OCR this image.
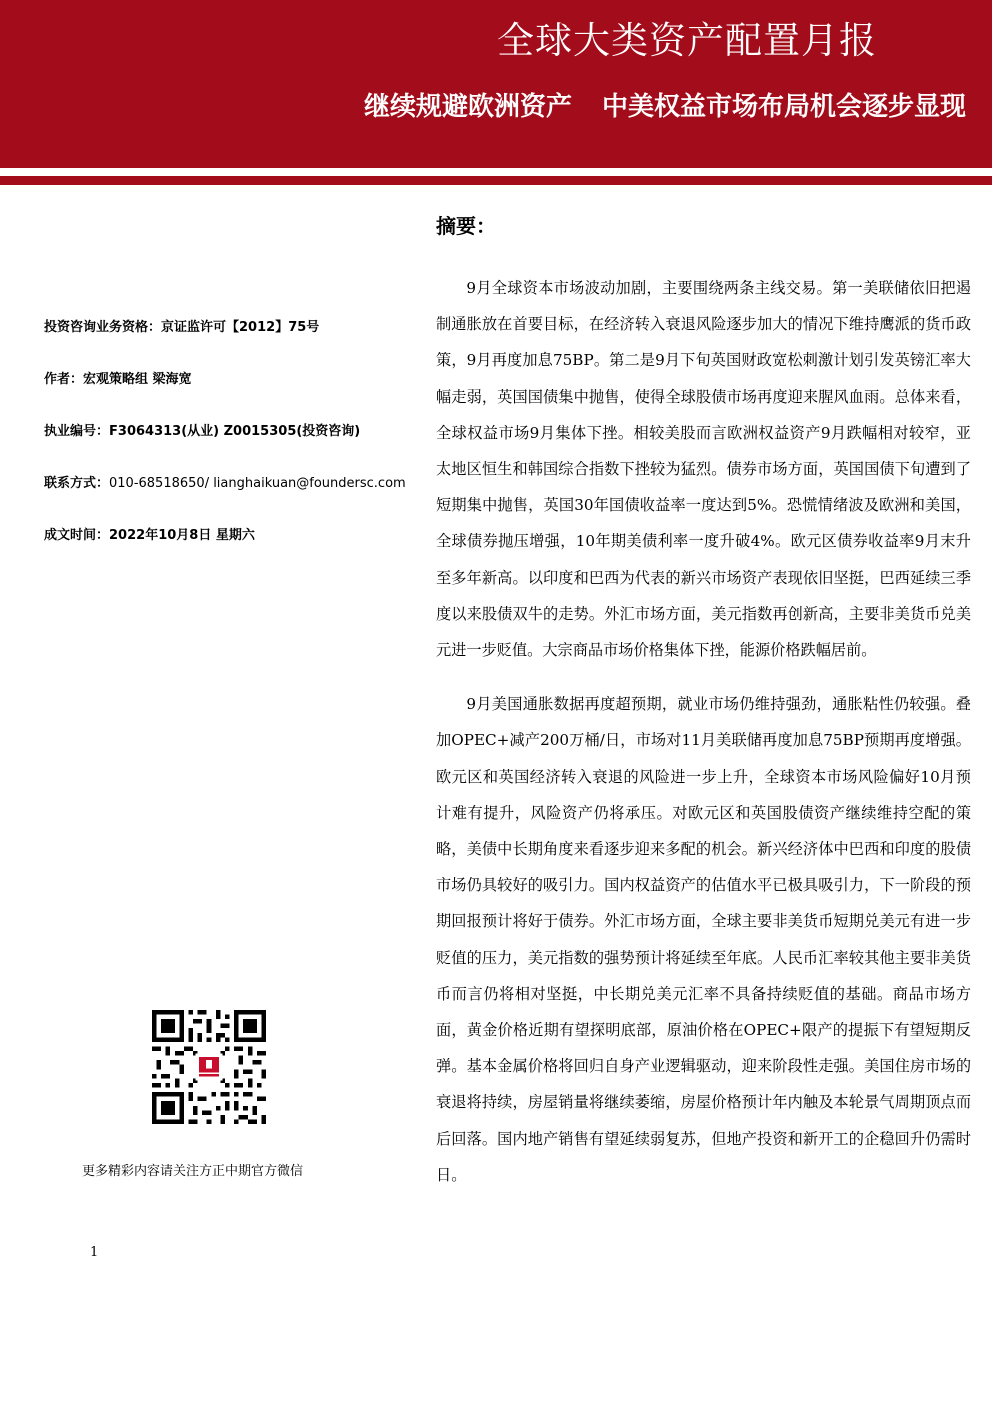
全球大类资产配置月报
继续规避欧洲资产 中美权益市场布局机会逐步显现
投资咨询业务资格：京证监许可【2012】75号
作者：宏观策略组 梁海宽
执业编号：F3064313(从业) Z0015305(投资咨询)
联系方式：010-68518650/ lianghaikuan@foundersc.com
成文时间：2022年10月8日 星期六
更多精彩内容请关注方正中期官方微信
1
摘要：

9月全球资本市场波动加剧，主要围绕两条主线交易。第一美联储依旧把遏制通胀放在首要目标，在经济转入衰退风险逐步加大的情况下维持鹰派的货币政策，9月再度加息75BP。第二是9月下旬英国财政宽松刺激计划引发英镑汇率大幅走弱，英国国债集中抛售，使得全球股债市场再度迎来腥风血雨。总体来看，全球权益市场9月集体下挫。相较美股而言欧洲权益资产9月跌幅相对较窄，亚太地区恒生和韩国综合指数下挫较为猛烈。债券市场方面，英国国债下旬遭到了短期集中抛售，英国30年国债收益率一度达到5%。恐慌情绪波及欧洲和美国，全球债券抛压增强，10年期美债利率一度升破4%。欧元区债券收益率9月末升至多年新高。以印度和巴西为代表的新兴市场资产表现依旧坚挺，巴西延续三季度以来股债双牛的走势。外汇市场方面，美元指数再创新高，主要非美货币兑美元进一步贬值。大宗商品市场价格集体下挫，能源价格跌幅居前。

9月美国通胀数据再度超预期，就业市场仍维持强劲，通胀粘性仍较强。叠加OPEC+减产200万桶/日，市场对11月美联储再度加息75BP预期再度增强。欧元区和英国经济转入衰退的风险进一步上升，全球资本市场风险偏好10月预计难有提升，风险资产仍将承压。对欧元区和英国股债资产继续维持空配的策略，美债中长期角度来看逐步迎来多配的机会。新兴经济体中巴西和印度的股债市场仍具较好的吸引力。国内权益资产的估值水平已极具吸引力，下一阶段的预期回报预计将好于债券。外汇市场方面，全球主要非美货币短期兑美元有进一步贬值的压力，美元指数的强势预计将延续至年底。人民币汇率较其他主要非美货币而言仍将相对坚挺，中长期兑美元汇率不具备持续贬值的基础。商品市场方面，黄金价格近期有望探明底部，原油价格在OPEC+限产的提振下有望短期反弹。基本金属价格将回归自身产业逻辑驱动，迎来阶段性走强。美国住房市场的衰退将持续，房屋销量将继续萎缩，房屋价格预计年内触及本轮景气周期顶点而后回落。国内地产销售有望延续弱复苏，但地产投资和新开工的企稳回升仍需时日。
